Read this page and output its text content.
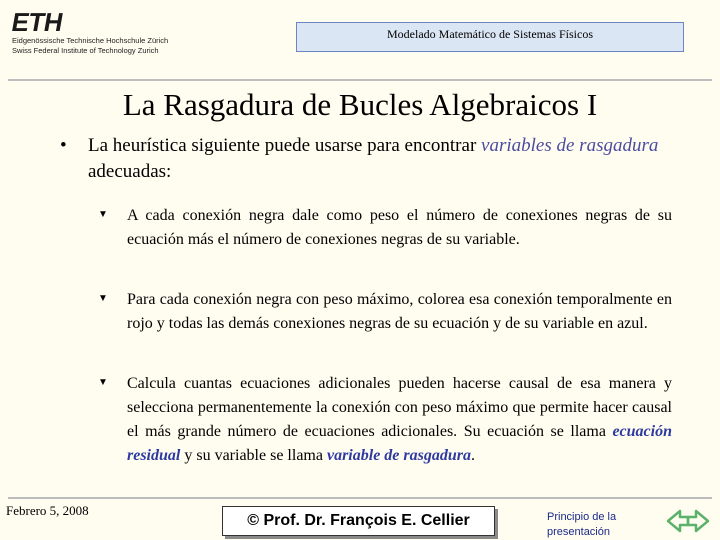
ETH
Eidgenössische Technische Hochschule Zürich
Swiss Federal Institute of Technology Zurich
Modelado Matemático de Sistemas Físicos
La Rasgadura de Bucles Algebraicos I
• La heurística siguiente puede usarse para encontrar variables de rasgadura adecuadas:
▼ A cada conexión negra dale como peso el número de conexiones negras de su ecuación más el número de conexiones negras de su variable.
▼ Para cada conexión negra con peso máximo, colorea esa conexión temporalmente en rojo y todas las demás conexiones negras de su ecuación y de su variable en azul.
▼ Calcula cuantas ecuaciones adicionales pueden hacerse causal de esa manera y selecciona permanentemente la conexión con peso máximo que permite hacer causal el más grande número de ecuaciones adicionales. Su ecuación se llama ecuación residual y su variable se llama variable de rasgadura.
Febrero 5, 2008
© Prof. Dr. François E. Cellier	Principio de la presentación
